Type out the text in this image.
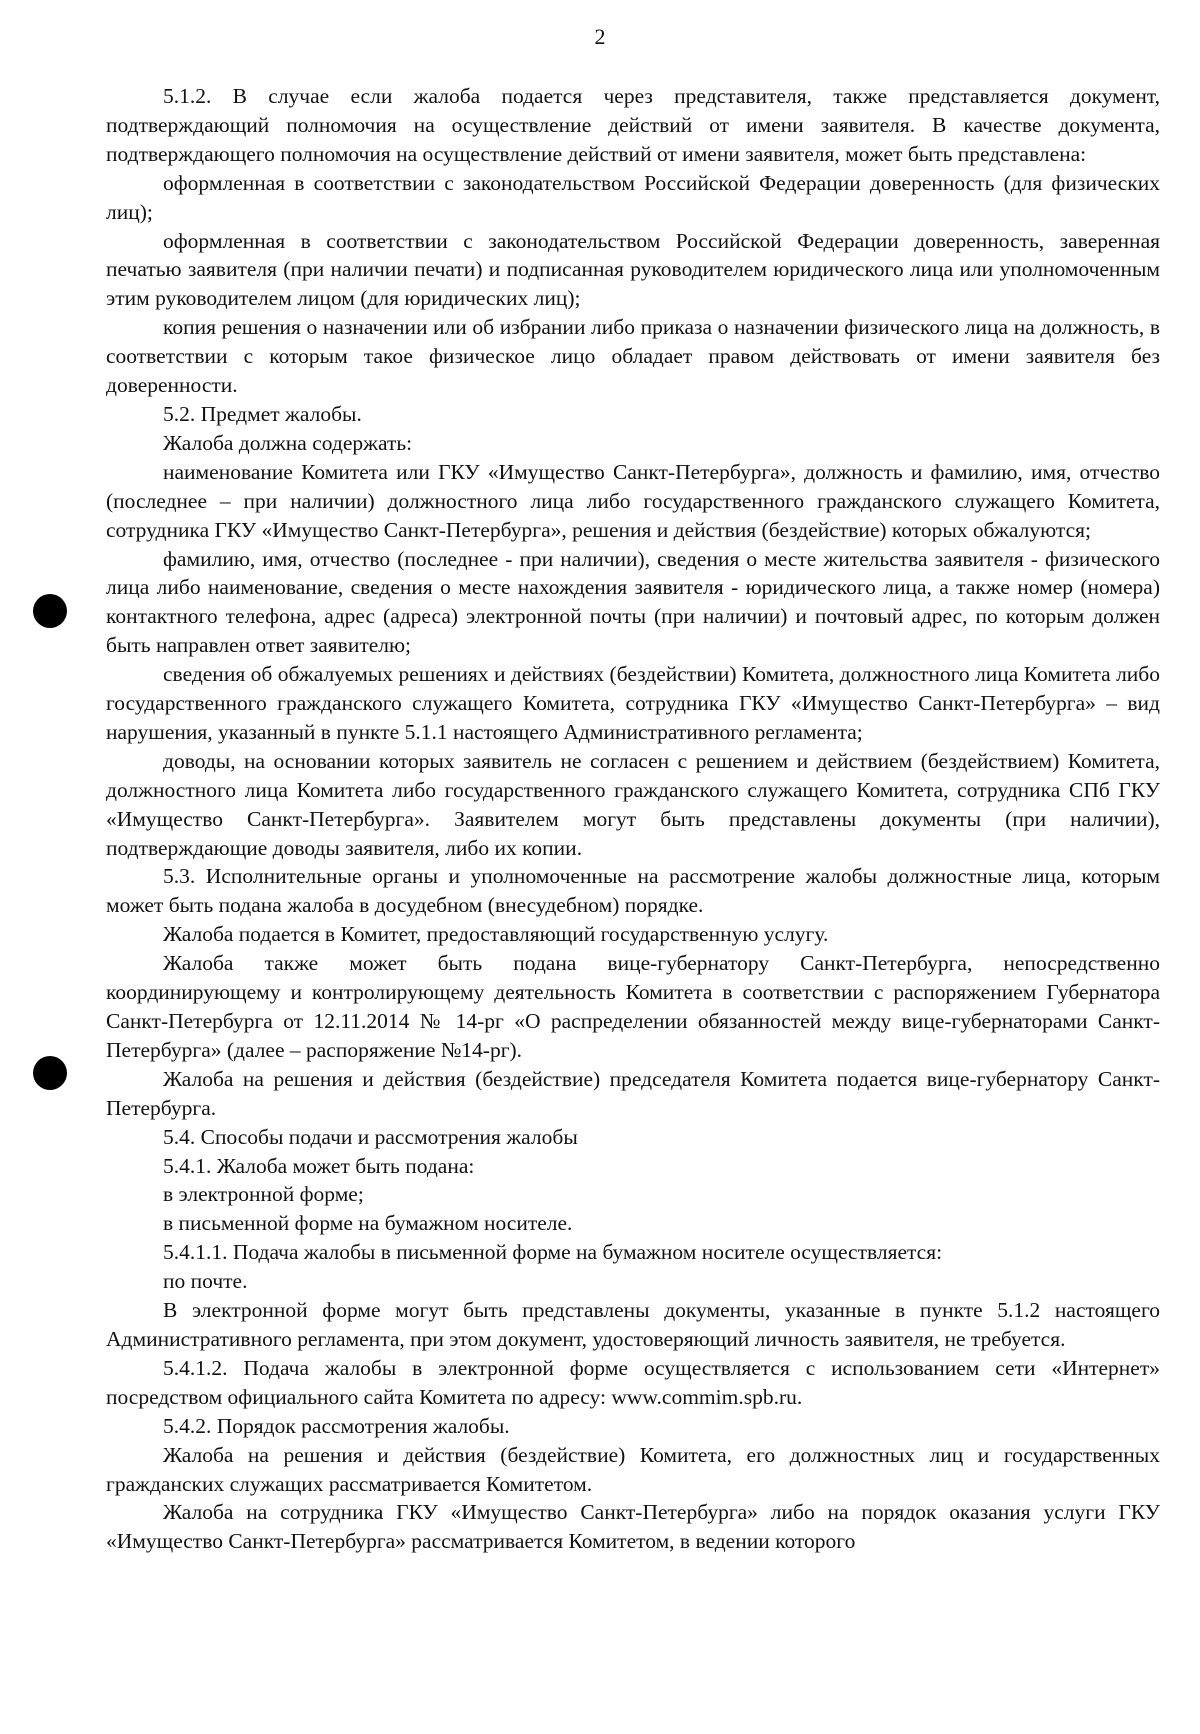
2

5.1.2. В случае если жалоба подается через представителя, также представляется документ, подтверждающий полномочия на осуществление действий от имени заявителя. В качестве документа, подтверждающего полномочия на осуществление действий от имени заявителя, может быть представлена:

оформленная в соответствии с законодательством Российской Федерации доверенность (для физических лиц);

оформленная в соответствии с законодательством Российской Федерации доверенность, заверенная печатью заявителя (при наличии печати) и подписанная руководителем юридического лица или уполномоченным этим руководителем лицом (для юридических лиц);

копия решения о назначении или об избрании либо приказа о назначении физического лица на должность, в соответствии с которым такое физическое лицо обладает правом действовать от имени заявителя без доверенности.

5.2. Предмет жалобы.

Жалоба должна содержать:

наименование Комитета или ГКУ «Имущество Санкт-Петербурга», должность и фамилию, имя, отчество (последнее – при наличии) должностного лица либо государственного гражданского служащего Комитета, сотрудника ГКУ «Имущество Санкт-Петербурга», решения и действия (бездействие) которых обжалуются;

фамилию, имя, отчество (последнее - при наличии), сведения о месте жительства заявителя - физического лица либо наименование, сведения о месте нахождения заявителя - юридического лица, а также номер (номера) контактного телефона, адрес (адреса) электронной почты (при наличии) и почтовый адрес, по которым должен быть направлен ответ заявителю;

сведения об обжалуемых решениях и действиях (бездействии) Комитета, должностного лица Комитета либо государственного гражданского служащего Комитета, сотрудника ГКУ «Имущество Санкт-Петербурга» – вид нарушения, указанный в пункте 5.1.1 настоящего Административного регламента;

доводы, на основании которых заявитель не согласен с решением и действием (бездействием) Комитета, должностного лица Комитета либо государственного гражданского служащего Комитета, сотрудника СПб ГКУ «Имущество Санкт-Петербурга». Заявителем могут быть представлены документы (при наличии), подтверждающие доводы заявителя, либо их копии.

5.3. Исполнительные органы и уполномоченные на рассмотрение жалобы должностные лица, которым может быть подана жалоба в досудебном (внесудебном) порядке.

Жалоба подается в Комитет, предоставляющий государственную услугу.

Жалоба также может быть подана вице-губернатору Санкт-Петербурга, непосредственно координирующему и контролирующему деятельность Комитета в соответствии с распоряжением Губернатора Санкт-Петербурга от 12.11.2014 № 14-рг «О распределении обязанностей между вице-губернаторами Санкт-Петербурга» (далее – распоряжение №14-рг).

Жалоба на решения и действия (бездействие) председателя Комитета подается вице-губернатору Санкт-Петербурга.

5.4. Способы подачи и рассмотрения жалобы

5.4.1. Жалоба может быть подана:

в электронной форме;

в письменной форме на бумажном носителе.

5.4.1.1. Подача жалобы в письменной форме на бумажном носителе осуществляется:

по почте.

В электронной форме могут быть представлены документы, указанные в пункте 5.1.2 настоящего Административного регламента, при этом документ, удостоверяющий личность заявителя, не требуется.

5.4.1.2. Подача жалобы в электронной форме осуществляется с использованием сети «Интернет» посредством официального сайта Комитета по адресу: www.commim.spb.ru.

5.4.2. Порядок рассмотрения жалобы.

Жалоба на решения и действия (бездействие) Комитета, его должностных лиц и государственных гражданских служащих рассматривается Комитетом.

Жалоба на сотрудника ГКУ «Имущество Санкт-Петербурга» либо на порядок оказания услуги ГКУ «Имущество Санкт-Петербурга» рассматривается Комитетом, в ведении которого
